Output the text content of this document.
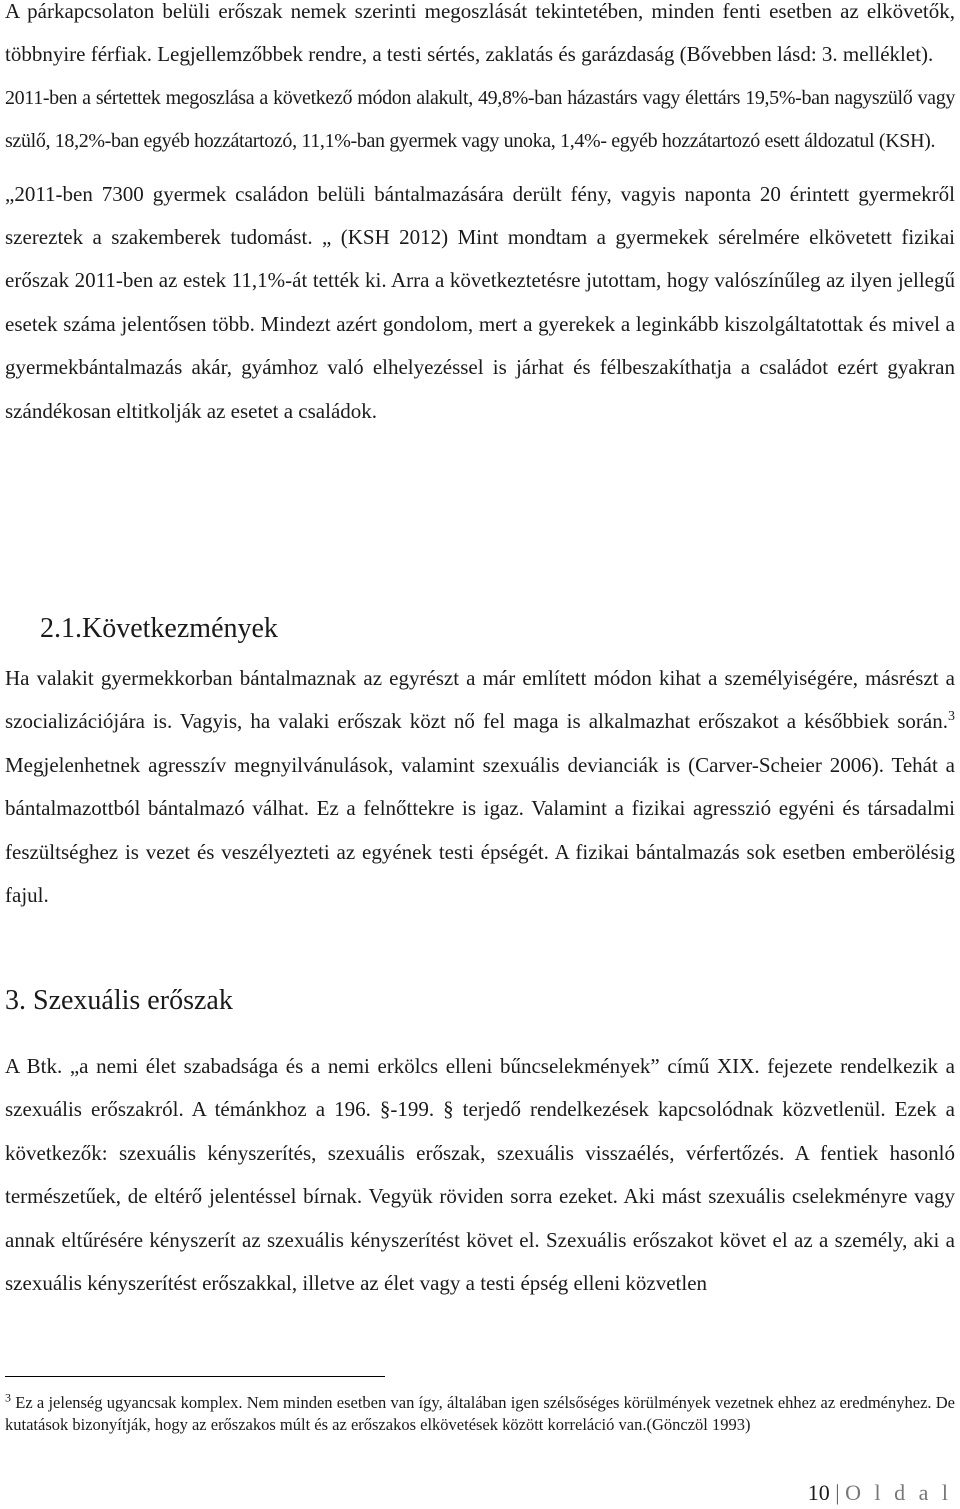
A párkapcsolaton belüli erőszak nemek szerinti megoszlását tekintetében, minden fenti esetben az elkövetők, többnyire férfiak. Legjellemzőbbek rendre, a testi sértés, zaklatás és garázdaság (Bővebben lásd: 3. melléklet).

2011-ben a sértettek megoszlása a következő módon alakult, 49,8%-ban házastárs vagy élettárs 19,5%-ban nagyszülő vagy szülő, 18,2%-ban egyéb hozzátartozó, 11,1%-ban gyermek vagy unoka, 1,4%- egyéb hozzátartozó esett áldozatul (KSH).

„2011-ben 7300 gyermek családon belüli bántalmazására derült fény, vagyis naponta 20 érintett gyermekről szereztek a szakemberek tudomást. „ (KSH 2012) Mint mondtam a gyermekek sérelmére elkövetett fizikai erőszak 2011-ben az estek 11,1%-át tették ki. Arra a következtetésre jutottam, hogy valószínűleg az ilyen jellegű esetek száma jelentősen több. Mindezt azért gondolom, mert a gyerekek a leginkább kiszolgáltatottak és mivel a gyermekbántalmazás akár, gyámhoz való elhelyezéssel is járhat és félbeszakíthatja a családot ezért gyakran szándékosan eltitkolják az esetet a családok.

2.1.Következmények

Ha valakit gyermekkorban bántalmaznak az egyrészt a már említett módon kihat a személyiségére, másrészt a szocializációjára is. Vagyis, ha valaki erőszak közt nő fel maga is alkalmazhat erőszakot a későbbiek során.$^3$ Megjelenhetnek agresszív megnyilvánulások, valamint szexuális devianciák is (Carver-Scheier 2006). Tehát a bántalmazottból bántalmazó válhat. Ez a felnőttekre is igaz. Valamint a fizikai agresszió egyéni és társadalmi feszültséghez is vezet és veszélyezteti az egyének testi épségét. A fizikai bántalmazás sok esetben emberölésig fajul.

3. Szexuális erőszak

A Btk. „a nemi élet szabadsága és a nemi erkölcs elleni bűncselekmények” című XIX. fejezete rendelkezik a szexuális erőszakról. A témánkhoz a 196. §-199. § terjedő rendelkezések kapcsolódnak közvetlenül. Ezek a következők: szexuális kényszerítés, szexuális erőszak, szexuális visszaélés, vérfertőzés. A fentiek hasonló természetűek, de eltérő jelentéssel bírnak. Vegyük röviden sorra ezeket. Aki mást szexuális cselekményre vagy annak eltűrésére kényszerít az szexuális kényszerítést követ el. Szexuális erőszakot követ el az a személy, aki a szexuális kényszerítést erőszakkal, illetve az élet vagy a testi épség elleni közvetlen

$^3$ Ez a jelenség ugyancsak komplex. Nem minden esetben van így, általában igen szélsőséges körülmények vezetnek ehhez az eredményhez. De kutatások bizonyítják, hogy az erőszakos múlt és az erőszakos elkövetések között korreláció van.(Gönczöl 1993)
10 | O l d a l
